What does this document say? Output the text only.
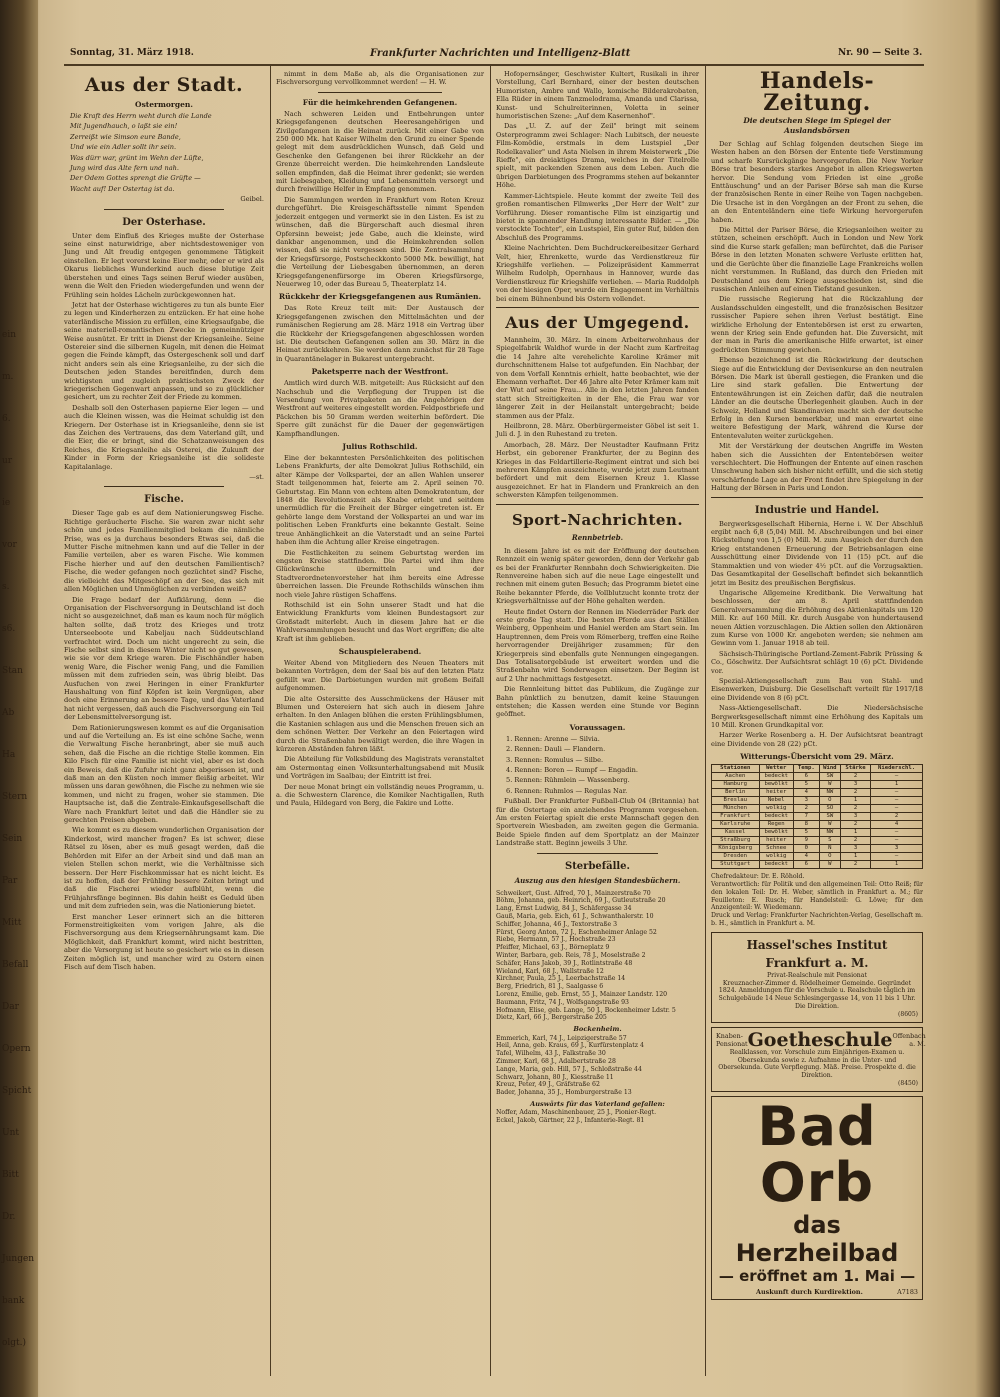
ein
m.
6.
ur
ie
vor
s.
s6.
Stan
Ab
Ha
Stern
Sein
Par
Mitt
Befall
Dar
Opern
Spicht
Unt
Bitt
Dr.
Jungen
bank
olgt.)
Sonntag, 31. März 1918.	Frankfurter Nachrichten und Intelligenz-Blatt	Nr. 90 — Seite 3.
Aus der Stadt.
Ostermorgen.

Die Kraft des Herrn weht durch die Lande

Mit Jugendhauch, o laßt sie ein!

Zerreißt wie Simson eure Bande,

Und wie ein Adler sollt ihr sein.

Was dürr war, grünt im Wehn der Lüfte,

Jung wird das Alte fern und nah.

Der Odem Gottes sprengt die Grüfte —

Wacht auf! Der Ostertag ist da.

Geibel.

Der Osterhase.

Unter dem Einfluß des Krieges mußte der Osterhase seine einst naturwidrige, aber nichtsdestoweniger von Jung und Alt freudig entgegen genommene Tätigkeit einstellen. Er legt vorerst keine Eier mehr, oder er wird als Okarus liebliches Wunderkind auch diese blutige Zeit überstehen und eines Tags seinen Beruf wieder ausüben, wenn die Welt den Frieden wiedergefunden und wenn der Frühling sein holdes Lächeln zurückgewonnen hat.

Jetzt hat der Osterhase wichtigeres zu tun als bunte Eier zu legen und Kinderherzen zu entzücken. Er hat eine hohe vaterländische Mission zu erfüllen, eine Kriegsaufgabe, die seine materiell-romantischen Zwecke in gemeinnütziger Weise ausnützt. Er tritt in Dienst der Kriegsanleihe. Seine Ostereier sind die silbernen Kugeln, mit denen die Heimat gegen die Feinde kämpft, das Ostergeschenk soll und darf nicht anders sein als eine Kriegsanleihe, zu der sich die Deutschen jeden Standes bereitfinden, durch dem wichtigsten und zugleich praktischsten Zweck der kriegerischen Gegenwart anpassen, und so zu glücklicher gesichert, um zu rechter Zeit der Friede zu kommen.

Deshalb soll den Osterhasen papierne Eier legen — und auch die Kleinen wissen, was die Heimat schuldig ist den Kriegern. Der Osterhase ist in Kriegsanleihe, denn sie ist das Zeichen des Vertrauens, das dem Vaterland gilt, und die Eier, die er bringt, sind die Schatzanweisungen des Reiches, die Kriegsanleihe als Osterei, die Zukunft der Kinder in Form der Kriegsanleihe ist die solideste Kapitalanlage.

—st.

Fische.

Dieser Tage gab es auf dem Nationierungsweg Fische. Richtige geräucherte Fische. Sie waren zwar nicht sehr schön und jedes Familienmitglied bekam die nämliche Prise, was es ja durchaus besonders Etwas sei, daß die Mutter Fische mitnehmen kann und auf die Teller in der Familie verteilen, aber es waren Fische. Wie kommen Fische hierher und auf den deutschen Familientisch? Fische, die weder gefangen noch gezüchtet sind? Fische, die vielleicht das Mitgeschöpf an der See, das sich mit allen Möglichen und Unmöglichen zu verbinden weiß?

Die Frage bedarf der Aufklärung, denn — die Organisation der Fischversorgung in Deutschland ist doch nicht so ausgezeichnet, daß man es kaum noch für möglich halten sollte, daß trotz des Krieges und trotz Unterseeboote und Kabeljau nach Süddeutschland verfrachtet wird. Doch um nicht ungerecht zu sein, die Fische selbst sind in diesem Winter nicht so gut gewesen, wie sie vor dem Kriege waren. Die Fischhändler haben wenig Ware, die Fischer wenig Fang, und die Familien müssen mit dem zufrieden sein, was übrig bleibt. Das Ausfuchen von zwei Heringen in einer Frankfurter Haushaltung von fünf Köpfen ist kein Vergnügen, aber doch eine Erinnerung an bessere Tage, und das Vaterland hat nicht vergessen, daß auch die Fischversorgung ein Teil der Lebensmittelversorgung ist.

Dem Rationierungswesen kommt es auf die Organisation und auf die Verteilung an. Es ist eine schöne Sache, wenn die Verwaltung Fische heranbringt, aber sie muß auch sehen, daß die Fische an die richtige Stelle kommen. Ein Kilo Fisch für eine Familie ist nicht viel, aber es ist doch ein Beweis, daß die Zufuhr nicht ganz abgerissen ist, und daß man an den Küsten noch immer fleißig arbeitet. Wir müssen uns daran gewöhnen, die Fische zu nehmen wie sie kommen, und nicht zu fragen, woher sie stammen. Die Hauptsache ist, daß die Zentrale-Einkaufsgesellschaft die Ware nach Frankfurt leitet und daß die Händler sie zu gerechten Preisen abgeben.

Wie kommt es zu diesem wunderlichen Organisation der Kinderkost, wird mancher fragen? Es ist schwer, diese Rätsel zu lösen, aber es muß gesagt werden, daß die Behörden mit Eifer an der Arbeit sind und daß man an vielen Stellen schon merkt, wie die Verhältnisse sich bessern. Der Herr Fischkommissar hat es nicht leicht. Es ist zu hoffen, daß der Frühling bessere Zeiten bringt und daß die Fischerei wieder aufblüht, wenn die Frühjahrsfänge beginnen. Bis dahin heißt es Geduld üben und mit dem zufrieden sein, was die Nationierung bietet.

Erst mancher Leser erinnert sich an die bitteren Formenstreitigkeiten vom vorigen Jahre, als die Fischversorgung aus dem Kriegsernährungsamt kam. Die Möglichkeit, daß Frankfurt kommt, wird nicht bestritten, aber die Versorgung ist heute so gesichert wie es in diesen Zeiten möglich ist, und mancher wird zu Ostern einen Fisch auf dem Tisch haben.

nimmt in dem Maße ab, als die Organisationen zur Fischversorgung vervollkommnet werden! — H. W.

Für die heimkehrenden Gefangenen.

Nach schweren Leiden und Entbehrungen unter Kriegsgefangenen deutschen Heeresangehörigen und Zivilgefangenen in die Heimat zurück. Mit einer Gabe von 250 000 Mk. hat Kaiser Wilhelm den Grund zu einer Spende gelegt mit dem ausdrücklichen Wunsch, daß Geld und Geschenke den Gefangenen bei ihrer Rückkehr an der Grenze überreicht werden. Die heimkehrenden Landsleute sollen empfinden, daß die Heimat ihrer gedenkt; sie werden mit Liebesgaben, Kleidung und Lebensmitteln versorgt und durch freiwillige Helfer in Empfang genommen.

Die Sammlungen werden in Frankfurt vom Roten Kreuz durchgeführt. Die Kreisgeschäftsstelle nimmt Spenden jederzeit entgegen und vermerkt sie in den Listen. Es ist zu wünschen, daß die Bürgerschaft auch diesmal ihren Opfersinn beweist; jede Gabe, auch die kleinste, wird dankbar angenommen, und die Heimkehrenden sollen wissen, daß sie nicht vergessen sind. Die Zentralsammlung der Kriegsfürsorge, Postscheckkonto 5000 Mk. bewilligt, hat die Verteilung der Liebesgaben übernommen, an deren Kriegsgefangenenfürsorge im Oberen Kriegsfürsorge, Neuerweg 10, oder das Bureau 5, Theaterplatz 14.

Rückkehr der Kriegsgefangenen aus Rumänien.

Das Rote Kreuz teilt mit: Der Austausch der Kriegsgefangenen zwischen den Mittelmächten und der rumänischen Regierung am 28. März 1918 ein Vertrag über die Rückkehr der Kriegsgefangenen abgeschlossen worden ist. Die deutschen Gefangenen sollen am 30. März in die Heimat zurückkehren. Sie werden dann zunächst für 28 Tage in Quarantänelager in Bukarest untergebracht.

Paketsperre nach der Westfront.

Amtlich wird durch W.B. mitgeteilt: Aus Rücksicht auf den Nachschub und die Verpflegung der Truppen ist die Versendung von Privatpaketen an die Angehörigen der Westfront auf weiteres eingestellt worden. Feldpostbriefe und Päckchen bis 50 Gramm werden weiterhin befördert. Die Sperre gilt zunächst für die Dauer der gegenwärtigen Kampfhandlungen.

Julius Rothschild.

Eine der bekanntesten Persönlichkeiten des politischen Lebens Frankfurts, der alte Demokrat Julius Rothschild, ein alter Kämpe der Volkspartei, der an allen Wahlen unserer Stadt teilgenommen hat, feierte am 2. April seinen 70. Geburtstag. Ein Mann von echtem alten Demokratentum, der 1848 die Revolutionszeit als Knabe erlebt und seitdem unermüdlich für die Freiheit der Bürger eingetreten ist. Er gehörte lange dem Vorstand der Volkspartei an und war im politischen Leben Frankfurts eine bekannte Gestalt. Seine treue Anhänglichkeit an die Vaterstadt und an seine Partei haben ihm die Achtung aller Kreise eingetragen.

Die Festlichkeiten zu seinem Geburtstag werden im engsten Kreise stattfinden. Die Partei wird ihm ihre Glückwünsche übermitteln und der Stadtverordnetenvorsteher hat ihm bereits eine Adresse überreichen lassen. Die Freunde Rothschilds wünschen ihm noch viele Jahre rüstigen Schaffens.

Rothschild ist ein Sohn unserer Stadt und hat die Entwicklung Frankfurts vom kleinen Bundestagsort zur Großstadt miterlebt. Auch in diesem Jahre hat er die Wahlversammlungen besucht und das Wort ergriffen; die alte Kraft ist ihm geblieben.

Schauspielerabend.

Weiter Abend von Mitgliedern des Neuen Theaters mit bekannten Vorträgen, dem der Saal bis auf den letzten Platz gefüllt war. Die Darbietungen wurden mit großem Beifall aufgenommen.

Die alte Ostersitte des Ausschmückens der Häuser mit Blumen und Ostereiern hat sich auch in diesem Jahre erhalten. In den Anlagen blühen die ersten Frühlingsblumen, die Kastanien schlagen aus und die Menschen freuen sich an dem schönen Wetter. Der Verkehr an den Feiertagen wird durch die Straßenbahn bewältigt werden, die ihre Wagen in kürzeren Abständen fahren läßt.

Die Abteilung für Volksbildung des Magistrats veranstaltet am Ostermontag einen Volksunterhaltungsabend mit Musik und Vorträgen im Saalbau; der Eintritt ist frei.

Der neue Monat bringt ein vollständig neues Programm, u. a. die Schwestern Clarence, die Komiker Nachtigallen, Ruth und Paula, Hildegard von Berg, die Fakire und Lotte.

Hofopernsänger, Geschwister Kultert, Rusikali in ihrer Vorstellung, Carl Bernhard, einer der besten deutschen Humoristen, Ambre und Wallo, komische Bilderakrobaten, Ella Rüder in einem Tanzmelodrama, Amanda und Clarissa, Kunst- und Schulreiterinnen, Voletta in seiner humoristischen Szene: „Auf dem Kasernenhof".

Das „U. Z. auf der Zeil" bringt mit seinem Osterprogramm zwei Schlager: Nach Lubitsch, der neueste Film-Komödie, erstmals in dem Lustspiel „Der Rodelkavalier" und Asta Nielsen in ihrem Meisterwerk „Die Rieffe", ein dreiaktiges Drama, welches in der Titelrolle spielt, mit packenden Szenen aus dem Leben. Auch die übrigen Darbietungen des Programms stehen auf bekannter Höhe.

Kammer-Lichtspiele. Heute kommt der zweite Teil des großen romantischen Filmwerks „Der Herr der Welt" zur Vorführung. Dieser romantische Film ist einzigartig und bietet in spannender Handlung interessante Bilder. — „Die verstockte Tochter", ein Lustspiel, Ein guter Ruf, bilden den Abschluß des Programms.

Kleine Nachrichten. Dem Buchdruckereibesitzer Gerhard Velt, hier, Ehrenkette, wurde das Verdienstkreuz für Kriegshilfe verliehen. — Polizeipräsident Kammerrat Wilhelm Rudolph, Opernhaus in Hannover, wurde das Verdienstkreuz für Kriegshilfe verliehen. — Maria Ruddolph von der hiesigen Oper, wurde ein Engagement im Verhältnis bei einem Bühnenbund bis Ostern vollendet.

Aus der Umgegend.

Mannheim, 30. März. In einem Arbeiterwohnhaus der Spiegelfabrik Waldhof wurde in der Nacht zum Karfreitag die 14 Jahre alte verehelichte Karoline Krämer mit durchschnittenem Halse tot aufgefunden. Ein Nachbar, der von dem Vorfall Kenntnis erhielt, hatte beobachtet, wie der Ehemann verhaftet. Der 46 Jahre alte Peter Krämer kam mit der Wut auf seine Frau... Alle in den letzten Jahren fanden statt sich Streitigkeiten in der Ehe, die Frau war vor längerer Zeit in der Heilanstalt untergebracht; beide stammen aus der Pfalz.

Heilbronn, 28. März. Oberbürgermeister Göbel ist seit 1. Juli d. J. in den Ruhestand zu treten.

Amorbach, 28. März. Der Neustadter Kaufmann Fritz Herbst, ein geborener Frankfurter, der zu Beginn des Krieges in das Feldartillerie-Regiment eintrat und sich bei mehreren Kämpfen auszeichnete, wurde jetzt zum Leutnant befördert und mit dem Eisernen Kreuz 1. Klasse ausgezeichnet. Er hat in Flandern und Frankreich an den schwersten Kämpfen teilgenommen.

Sport-Nachrichten.
Rennbetrieb.

In diesem Jahre ist es mit der Eröffnung der deutschen Rennzeit ein wenig später geworden, denn der Verkehr gab es bei der Frankfurter Rennbahn doch Schwierigkeiten. Die Rennvereine haben sich auf die neue Lage eingestellt und rechnen mit einem guten Besuch; das Programm bietet eine Reihe bekannter Pferde, die Vollblutzucht konnte trotz der Kriegsverhältnisse auf der Höhe gehalten werden.

Heute findet Ostern der Rennen im Niederräder Park der erste große Tag statt. Die besten Pferde aus den Ställen Weinberg, Oppenheim und Haniel werden am Start sein. Im Hauptrennen, dem Preis vom Römerberg, treffen eine Reihe hervorragender Dreijähriger zusammen; für den Kriegerpreis sind ebenfalls gute Nennungen eingegangen. Das Totalisatorgebäude ist erweitert worden und die Straßenbahn wird Sonderwagen einsetzen. Der Beginn ist auf 2 Uhr nachmittags festgesetzt.

Die Rennleitung bittet das Publikum, die Zugänge zur Bahn pünktlich zu benutzen, damit keine Stauungen entstehen; die Kassen werden eine Stunde vor Beginn geöffnet.

Voraussagen.

1. Rennen: Arenne — Silvia.

2. Rennen: Dauli — Flandern.

3. Rennen: Romulus — Silbe.

4. Rennen: Boren — Rumpf — Engadin.

5. Rennen: Rühmlein — Wassenberg.

6. Rennen: Ruhmlos — Regulas Nar.

Fußball. Der Frankfurter Fußball-Club 04 (Britannia) hat für die Ostertage ein anziehendes Programm vorgesehen. Am ersten Feiertag spielt die erste Mannschaft gegen den Sportverein Wiesbaden, am zweiten gegen die Germania. Beide Spiele finden auf dem Sportplatz an der Mainzer Landstraße statt. Beginn jeweils 3 Uhr.

Sterbefälle.
Auszug aus den hiesigen Standesbüchern.

Schweikert, Gust. Alfred, 70 J., Mainzerstraße 70

Böhm, Johanna, geb. Heinrich, 69 J., Gutleutstraße 20

Lang, Ernst Ludwig, 84 J., Schäfergasse 34

Gauß, Maria, geb. Eich, 61 J., Schwanthalerstr. 10

Schiffer, Johanna, 46 J., Textorstraße 3

Fürst, Georg Anton, 72 J., Eschenheimer Anlage 52

Riebe, Hermann, 57 J., Hochstraße 23

Pfeiffer, Michael, 63 J., Börneplatz 9

Winter, Barbara, geb. Reis, 78 J., Moselstraße 2

Schäfer, Hans Jakob, 39 J., Rotlintstraße 48

Wieland, Karl, 68 J., Wallstraße 12

Kirchner, Paula, 25 J., Leerbachstraße 14

Berg, Friedrich, 81 J., Saalgasse 6

Lorenz, Emilie, geb. Ernst, 55 J., Mainzer Landstr. 120

Baumann, Fritz, 74 J., Wolfsgangstraße 93

Hofmann, Elise, geb. Lange, 50 J., Bockenheimer Ldstr. 5

Dietz, Karl, 66 J., Bergerstraße 205

Bockenheim.

Emmerich, Karl, 74 J., Leipzigerstraße 57

Heil, Anna, geb. Kraus, 69 J., Kurfürstenplatz 4

Tafel, Wilhelm, 43 J., Falkstraße 30

Zimmer, Karl, 68 J., Adalbertstraße 28

Lange, Maria, geb. Hill, 57 J., Schloßstraße 44

Schwarz, Johann, 80 J., Kiesstraße 11

Kreuz, Peter, 49 J., Gräfstraße 62

Bader, Johanna, 35 J., Homburgerstraße 13

Auswärts für das Vaterland gefallen:

Noffer, Adam, Maschinenbauer, 25 J., Pionier-Regt.

Eckel, Jakob, Gärtner, 22 J., Infanterie-Regt. 81

Handels-Zeitung.
Die deutschen Siege im Spiegel der Auslandsbörsen

Der Schlag auf Schlag folgenden deutschen Siege im Westen haben an den Börsen der Entente tiefe Verstimmung und scharfe Kursrückgänge hervorgerufen. Die New Yorker Börse trat besonders starkes Angebot in allen Kriegswerten hervor. Die Sendung vom Frieden ist eine „große Enttäuschung" und an der Pariser Börse sah man die Kurse der französischen Rente in einer Reihe von Tagen nachgeben. Die Ursache ist in den Vorgängen an der Front zu sehen, die an den Ententeländern eine tiefe Wirkung hervorgerufen haben.

Die Mittel der Pariser Börse, die Kriegsanleihen weiter zu stützen, scheinen erschöpft. Auch in London und New York sind die Kurse stark gefallen; man befürchtet, daß die Pariser Börse in den letzten Monaten schwere Verluste erlitten hat, und die Gerüchte über die finanzielle Lage Frankreichs wollen nicht verstummen. In Rußland, das durch den Frieden mit Deutschland aus dem Kriege ausgeschieden ist, sind die russischen Anleihen auf einen Tiefstand gesunken.

Die russische Regierung hat die Rückzahlung der Auslandsschulden eingestellt, und die französischen Besitzer russischer Papiere sehen ihren Verlust bestätigt. Eine wirkliche Erholung der Ententebörsen ist erst zu erwarten, wenn der Krieg sein Ende gefunden hat. Die Zuversicht, mit der man in Paris die amerikanische Hilfe erwartet, ist einer gedrückten Stimmung gewichen.

Ebenso bezeichnend ist die Rückwirkung der deutschen Siege auf die Entwicklung der Devisenkurse an den neutralen Börsen. Die Mark ist überall gestiegen, die Franken und die Lire sind stark gefallen. Die Entwertung der Ententewährungen ist ein Zeichen dafür, daß die neutralen Länder an die deutsche Überlegenheit glauben. Auch in der Schweiz, Holland und Skandinavien macht sich der deutsche Erfolg in den Kursen bemerkbar, und man erwartet eine weitere Befestigung der Mark, während die Kurse der Ententevaluten weiter zurückgehen.

Mit der Verstärkung der deutschen Angriffe im Westen haben sich die Aussichten der Ententebörsen weiter verschlechtert. Die Hoffnungen der Entente auf einen raschen Umschwung haben sich bisher nicht erfüllt, und die sich stetig verschärfende Lage an der Front findet ihre Spiegelung in der Haltung der Börsen in Paris und London.

Industrie und Handel.

Bergwerksgesellschaft Hibernia, Herne i. W. Der Abschluß ergibt nach 6,8 (5,04) Mill. M. Abschreibungen und bei einer Rückstellung von 1,5 (0) Mill. M. zum Ausgleich der durch den Krieg entstandenen Erneuerung der Betriebsanlagen eine Ausschüttung einer Dividende von 11 (15) pCt. auf die Stammaktien und von wieder 4½ pCt. auf die Vorzugsaktien. Das Gesamtkapital der Gesellschaft befindet sich bekanntlich jetzt im Besitz des preußischen Bergfiskus.

Ungarische Allgemeine Kreditbank. Die Verwaltung hat beschlossen, der am 8. April stattfindenden Generalversammlung die Erhöhung des Aktienkapitals um 120 Mill. Kr. auf 160 Mill. Kr. durch Ausgabe von hundertausend neuen Aktien vorzuschlagen. Die Aktien sollen den Aktionären zum Kurse von 1000 Kr. angeboten werden; sie nehmen am Gewinn vom 1. Januar 1918 ab teil.

Sächsisch-Thüringische Portland-Zement-Fabrik Prüssing & Co., Göschwitz. Der Aufsichtsrat schlägt 10 (6) pCt. Dividende vor.

Spezial-Aktiengesellschaft zum Bau von Stahl- und Eisenwerken, Duisburg. Die Gesellschaft verteilt für 1917/18 eine Dividende von 8 (6) pCt.

Nass-Aktiengesellschaft. Die Niedersächsische Bergwerksgesellschaft nimmt eine Erhöhung des Kapitals um 10 Mill. Kronen Grundkapital vor.

Harzer Werke Rosenberg a. H. Der Aufsichtsrat beantragt eine Dividende von 28 (22) pCt.

Witterungs-Übersicht vom 29. März.
Stationen	Wetter	Temp.	Wind	Stärke	Niederschl.
Aachen	bedeckt	6	SW	2	—
Hamburg	bewölkt	5	W	3	1
Berlin	heiter	4	NW	2	—
Breslau	Nebel	3	O	1	—
München	wolkig	2	SO	2	—
Frankfurt	bedeckt	7	SW	3	2
Karlsruhe	Regen	8	W	2	4
Kassel	bewölkt	5	NW	1	—
Straßburg	heiter	9	S	2	—
Königsberg	Schnee	0	N	3	3
Dresden	wolkig	4	O	1	—
Stuttgart	bedeckt	6	W	2	1

Chefredakteur: Dr. E. Röhold.

Verantwortlich: für Politik und den allgemeinen Teil: Otto Reiß; für den lokalen Teil: Dr. H. Weber, sämtlich in Frankfurt a. M.; für Feuilleton: E. Rusch; für Handelsteil: G. Löwe; für den Anzeigenteil: W. Wiedemann.

Druck und Verlag: Frankfurter Nachrichten-Verlag, Gesellschaft m. b. H., sämtlich in Frankfurt a. M.

Hassel'sches Institut Frankfurt a. M.

Privat-Realschule mit Pensionat

Kreuznacher-Zimmer d. Rödelheimer Gemeinde. Gegründet 1824. Anmeldungen für die Vorschule u. Realschule täglich im Schulgebäude 14 Neue Schlesingergasse 14, von 11 bis 1 Uhr.

Die Direktion.

(8605)
Knaben-Pensionat Goetheschule Offenbach a. M.

Realklassen, vor. Vorschule zum Einjährigen-Examen u. Obersekunda sowie z. Aufnahme in die Unter- und Obersekunda. Gute Verpflegung. Mäß. Preise. Prospekte d. die Direktion.

(8450)
Bad Orb
das Herzheilbad
— eröffnet am 1. Mai —
Auskunft durch Kurdirektion.	A7183
